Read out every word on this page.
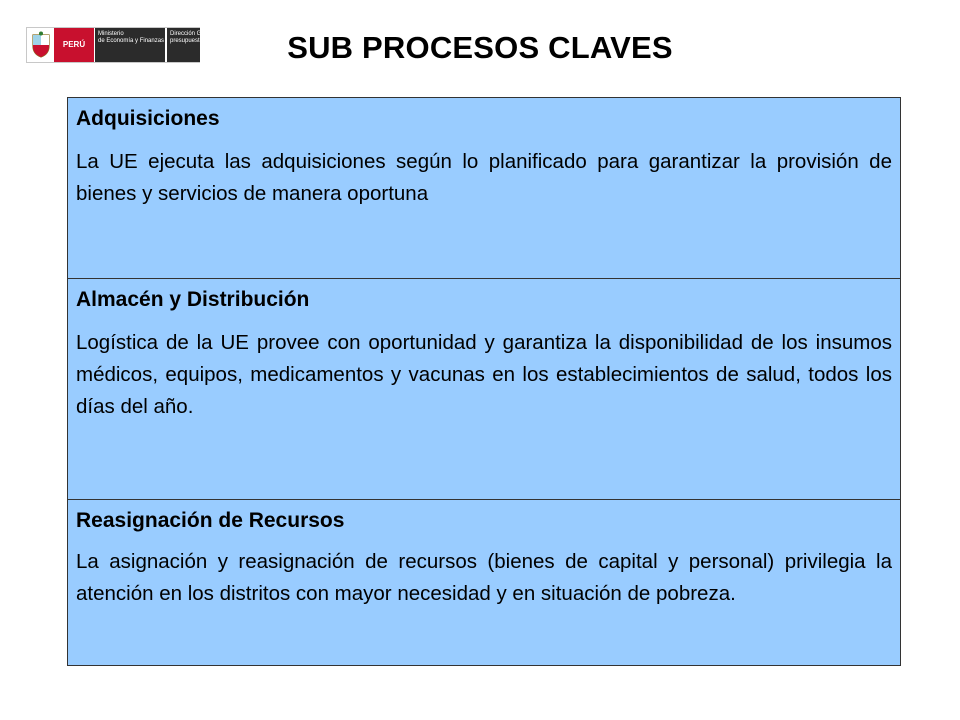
PERÚ
Ministerio
de Economía y Finanzas
Dirección General de
presupuesto Público	SUB PROCESOS CLAVES

Adquisiciones

La UE ejecuta las adquisiciones según lo planificado para garantizar la provisión de bienes y servicios de manera oportuna

Almacén y Distribución

Logística de la UE provee con oportunidad y garantiza la disponibilidad de los insumos médicos, equipos, medicamentos y vacunas en los establecimientos de salud, todos los días del año.

Reasignación de Recursos

La asignación y reasignación de recursos (bienes de capital y personal) privilegia la atención en los distritos con mayor necesidad y en situación de pobreza.
